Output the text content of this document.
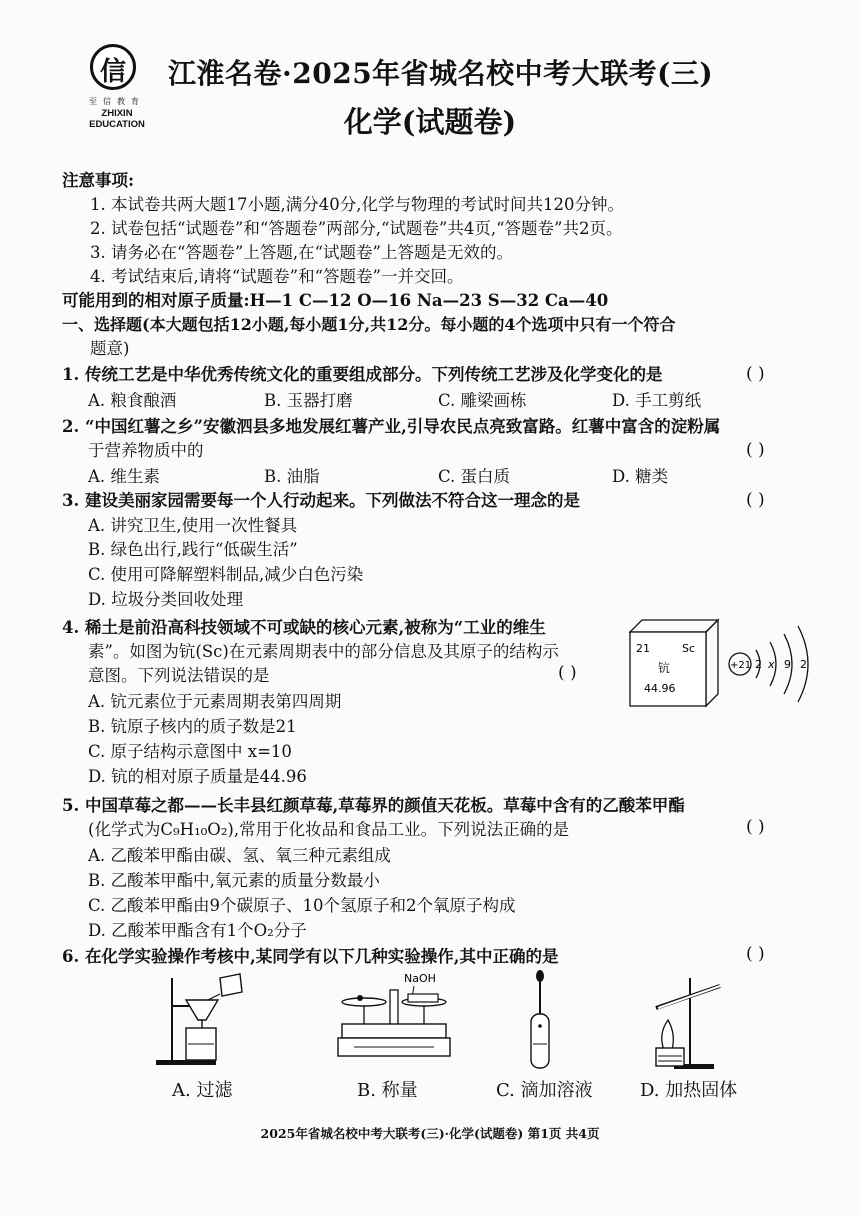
信
至信教育
ZHIXIN EDUCATION
江淮名卷·2025年省城名校中考大联考(三)
化学(试题卷)
注意事项:
1. 本试卷共两大题17小题,满分40分,化学与物理的考试时间共120分钟。
2. 试卷包括“试题卷”和“答题卷”两部分,“试题卷”共4页,“答题卷”共2页。
3. 请务必在“答题卷”上答题,在“试题卷”上答题是无效的。
4. 考试结束后,请将“试题卷”和“答题卷”一并交回。
可能用到的相对原子质量:H—1 C—12 O—16 Na—23 S—32 Ca—40
一、选择题(本大题包括12小题,每小题1分,共12分。每小题的4个选项中只有一个符合
题意)
1. 传统工艺是中华优秀传统文化的重要组成部分。下列传统工艺涉及化学变化的是	( )
A. 粮食酿酒	B. 玉器打磨	C. 雕梁画栋	D. 手工剪纸
2. “中国红薯之乡”安徽泗县多地发展红薯产业,引导农民点亮致富路。红薯中富含的淀粉属
于营养物质中的	( )
A. 维生素	B. 油脂	C. 蛋白质	D. 糖类
3. 建设美丽家园需要每一个人行动起来。下列做法不符合这一理念的是	( )
A. 讲究卫生,使用一次性餐具
B. 绿色出行,践行“低碳生活”
C. 使用可降解塑料制品,减少白色污染
D. 垃圾分类回收处理
4. 稀土是前沿高科技领域不可或缺的核心元素,被称为“工业的维生
素”。如图为钪(Sc)在元素周期表中的部分信息及其原子的结构示
意图。下列说法错误的是	( )
A. 钪元素位于元素周期表第四周期
B. 钪原子核内的质子数是21
C. 原子结构示意图中 x=10
D. 钪的相对原子质量是44.96
21	Sc
钪
44.96
+21 2 x 9 2
5. 中国草莓之都——长丰县红颜草莓,草莓界的颜值天花板。草莓中含有的乙酸苯甲酯
(化学式为C₉H₁₀O₂),常用于化妆品和食品工业。下列说法正确的是	( )
A. 乙酸苯甲酯由碳、氢、氧三种元素组成
B. 乙酸苯甲酯中,氧元素的质量分数最小
C. 乙酸苯甲酯由9个碳原子、10个氢原子和2个氧原子构成
D. 乙酸苯甲酯含有1个O₂分子
6. 在化学实验操作考核中,某同学有以下几种实验操作,其中正确的是	( )
NaOH
A. 过滤	B. 称量	C. 滴加溶液	D. 加热固体
2025年省城名校中考大联考(三)·化学(试题卷) 第1页 共4页
